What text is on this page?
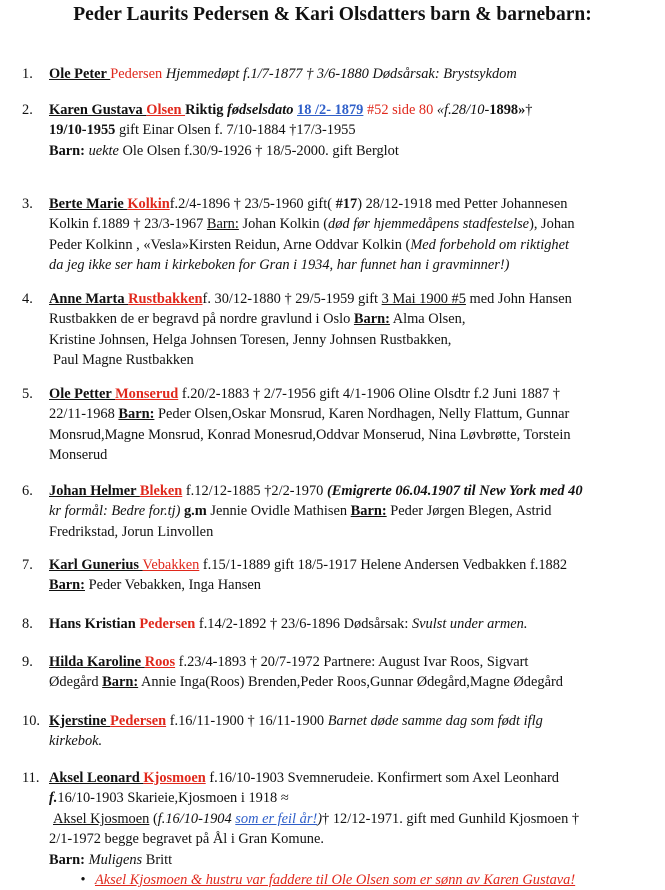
Peder Laurits Pedersen & Kari Olsdatters barn & barnebarn:
1.	Ole Peter Pedersen Hjemmedøpt f.1/7-1877 † 3/6-1880 Dødsårsak: Brystsykdom
2.	Karen Gustava Olsen Riktig fødselsdato 18 /2- 1879 #52 side 80 «f.28/10-1898»†
19/10-1955 gift Einar Olsen f. 7/10-1884 †17/3-1955
Barn: uekte Ole Olsen f.30/9-1926 † 18/5-2000. gift Berglot
3.	Berte Marie Kolkinf.2/4-1896 † 23/5-1960 gift( #17) 28/12-1918 med Petter Johannesen
Kolkin f.1889 † 23/3-1967 Barn: Johan Kolkin (død før hjemmedåpens stadfestelse), Johan
Peder Kolkinn , «Vesla»Kirsten Reidun, Arne Oddvar Kolkin (Med forbehold om riktighet
da jeg ikke ser ham i kirkeboken for Gran i 1934, har funnet han i gravminner!)
4.	Anne Marta Rustbakkenf. 30/12-1880 † 29/5-1959 gift 3 Mai 1900 #5 med John Hansen
Rustbakken de er begravd på nordre gravlund i Oslo Barn: Alma Olsen,
Kristine Johnsen, Helga Johnsen Toresen, Jenny Johnsen Rustbakken,
Paul Magne Rustbakken
5.	Ole Petter Monserud f.20/2-1883 † 2/7-1956 gift 4/1-1906 Oline Olsdtr f.2 Juni 1887 †
22/11-1968 Barn: Peder Olsen,Oskar Monsrud, Karen Nordhagen, Nelly Flattum, Gunnar
Monsrud,Magne Monsrud, Konrad Monesrud,Oddvar Monserud, Nina Løvbrøtte, Torstein
Monserud
6.	Johan Helmer Bleken f.12/12-1885 †2/2-1970 (Emigrerte 06.04.1907 til New York med 40
kr formål: Bedre for.tj) g.m Jennie Ovidle Mathisen Barn: Peder Jørgen Blegen, Astrid
Fredrikstad, Jorun Linvollen
7.	Karl Gunerius Vebakken f.15/1-1889 gift 18/5-1917 Helene Andersen Vedbakken f.1882
Barn: Peder Vebakken, Inga Hansen
8.	Hans Kristian Pedersen f.14/2-1892 † 23/6-1896 Dødsårsak: Svulst under armen.
9.	Hilda Karoline Roos f.23/4-1893 † 20/7-1972 Partnere: August Ivar Roos, Sigvart
Ødegård Barn: Annie Inga(Roos) Brenden,Peder Roos,Gunnar Ødegård,Magne Ødegård
10. Kjerstine Pedersen f.16/11-1900 † 16/11-1900 Barnet døde samme dag som født iflg
kirkebok.
11. Aksel Leonard Kjosmoen f.16/10-1903 Svemnerudeie. Konfirmert som Axel Leonhard
f.16/10-1903 Skarieie,Kjosmoen i 1918 ≈
Aksel Kjosmoen (f.16/10-1904 som er feil år!)† 12/12-1971. gift med Gunhild Kjosmoen †
2/1-1972 begge begravet på Ål i Gran Komune.
Barn: Muligens Britt
• Aksel Kjosmoen & hustru var faddere til Ole Olsen som er sønn av Karen Gustava!
